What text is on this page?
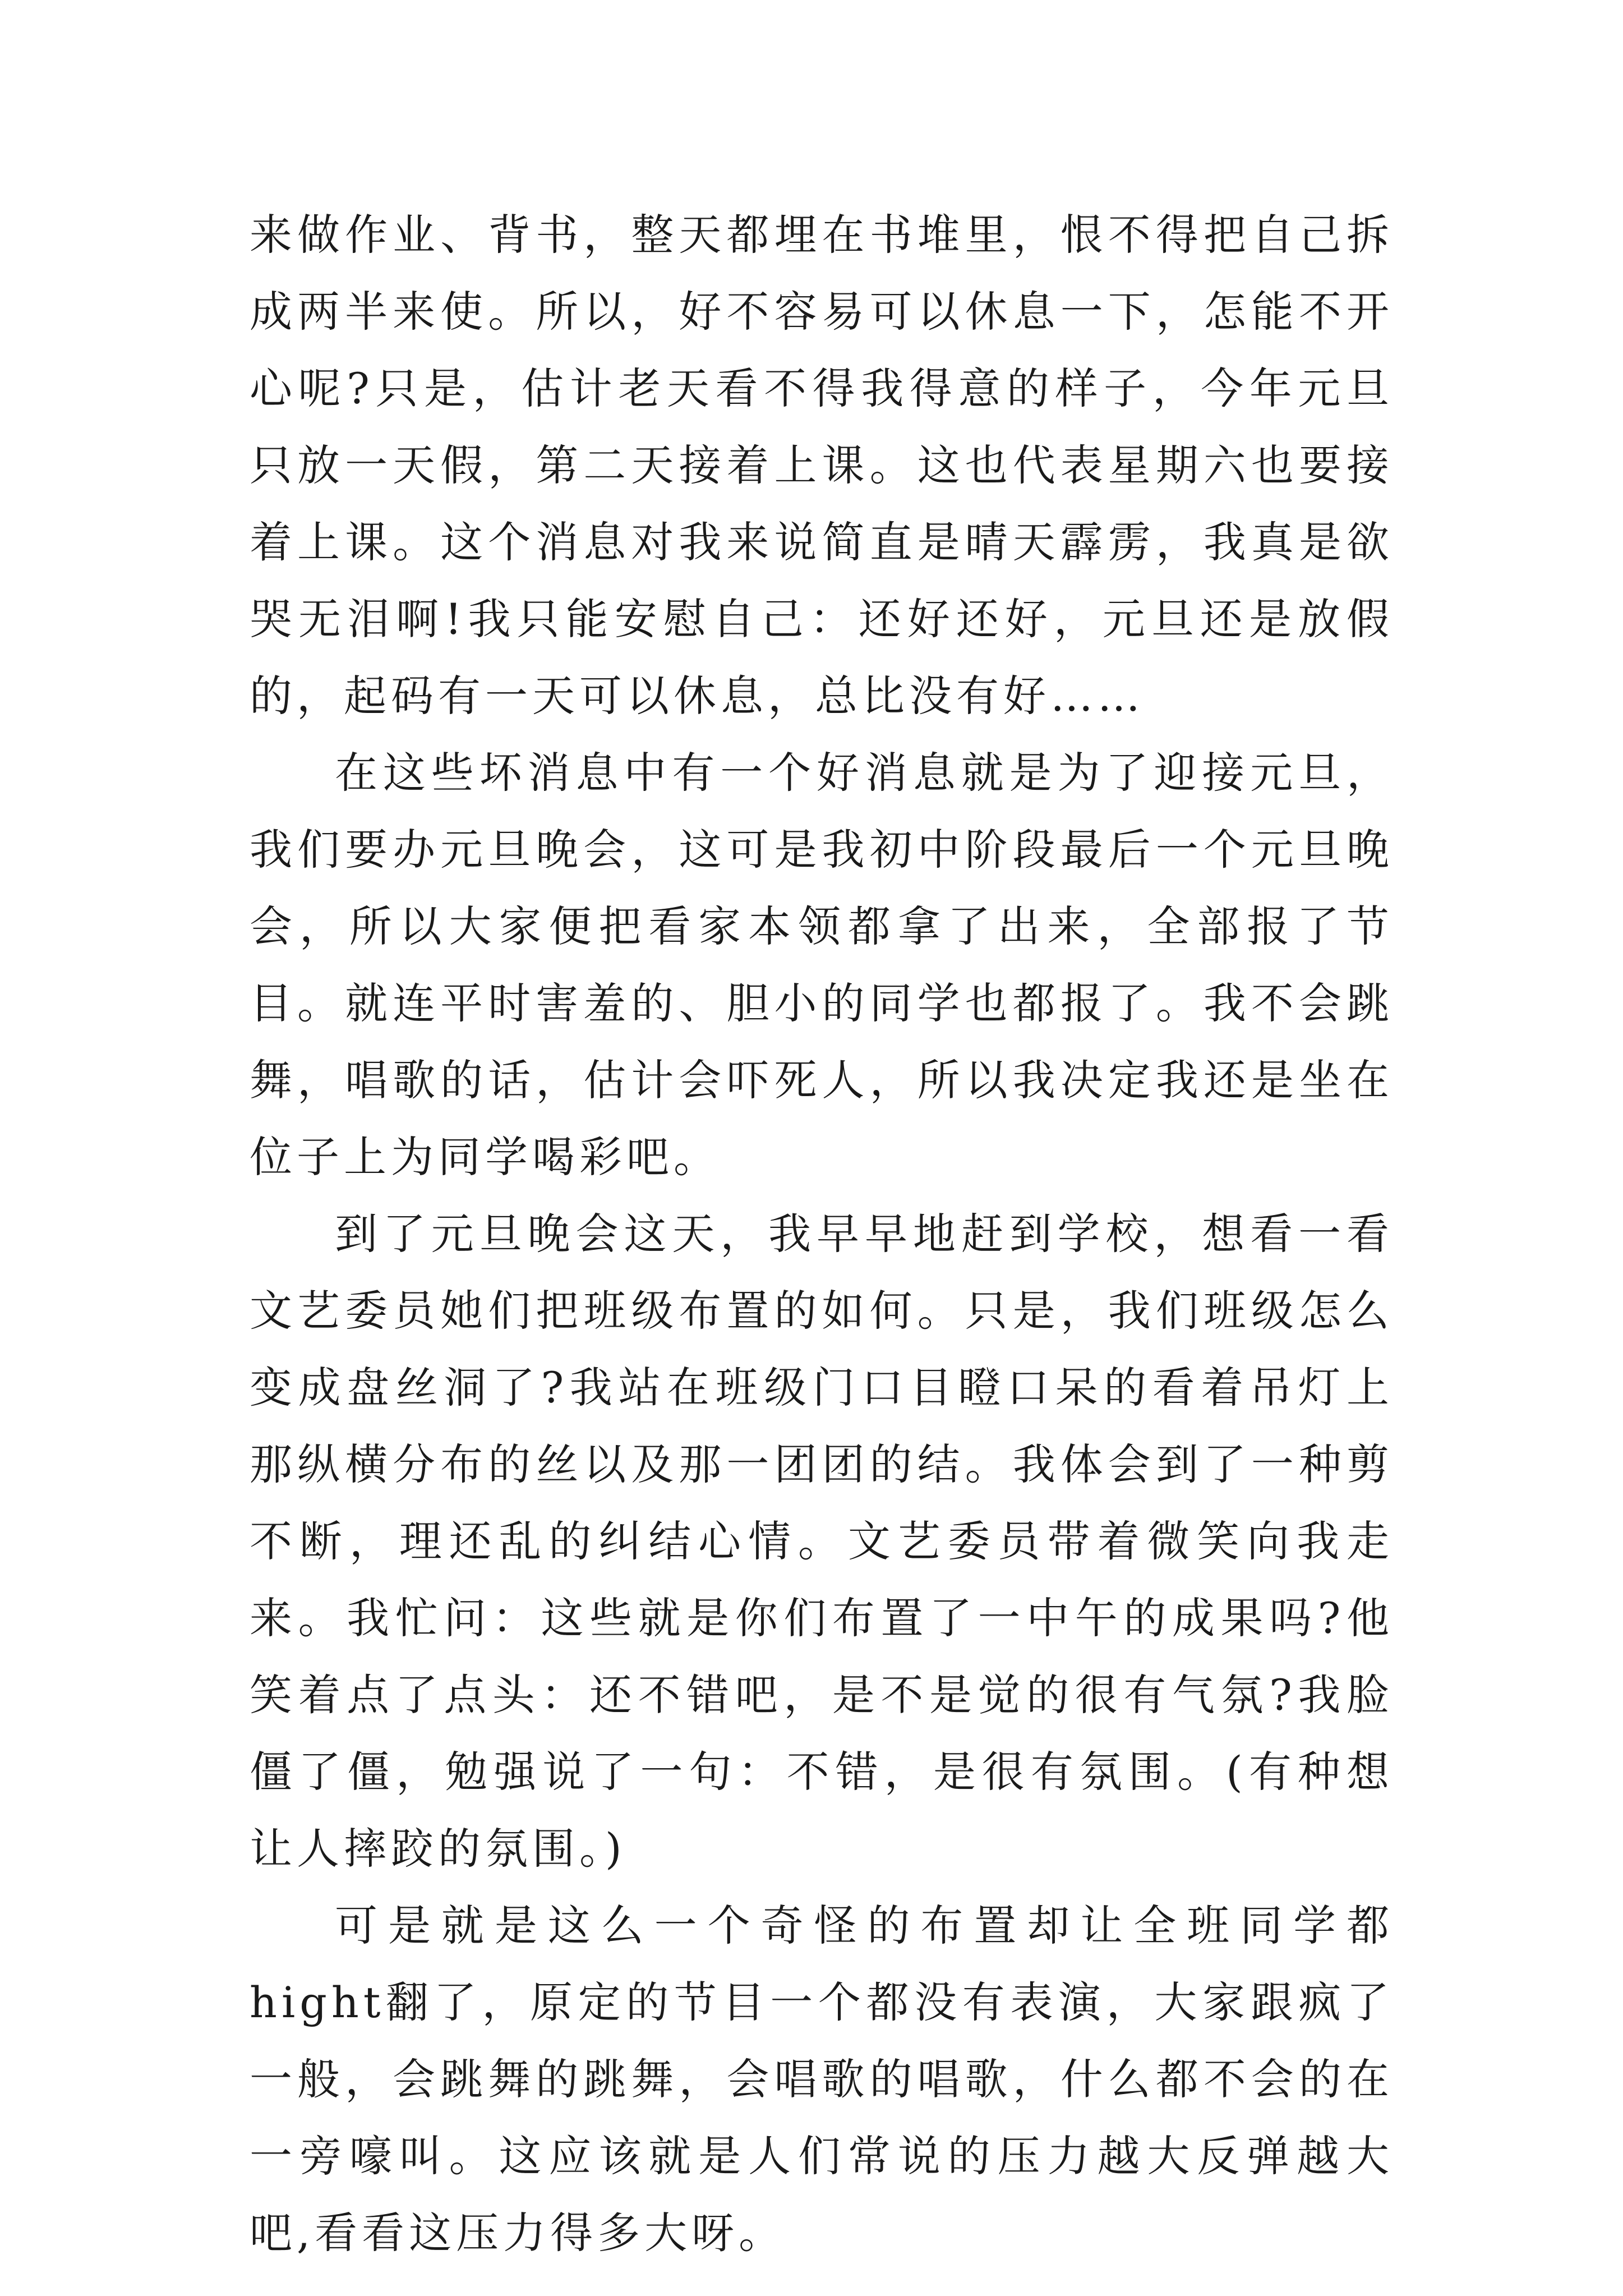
来做作业、背书，整天都埋在书堆里，恨不得把自己拆成两半来使。所以，好不容易可以休息一下，怎能不开心呢?只是，估计老天看不得我得意的样子，今年元旦只放一天假，第二天接着上课。这也代表星期六也要接着上课。这个消息对我来说简直是晴天霹雳，我真是欲哭无泪啊!我只能安慰自己：还好还好，元旦还是放假的，起码有一天可以休息，总比没有好……

在这些坏消息中有一个好消息就是为了迎接元旦，我们要办元旦晚会，这可是我初中阶段最后一个元旦晚会，所以大家便把看家本领都拿了出来，全部报了节目。就连平时害羞的、胆小的同学也都报了。我不会跳舞，唱歌的话，估计会吓死人，所以我决定我还是坐在位子上为同学喝彩吧。

到了元旦晚会这天，我早早地赶到学校，想看一看文艺委员她们把班级布置的如何。只是，我们班级怎么变成盘丝洞了?我站在班级门口目瞪口呆的看着吊灯上那纵横分布的丝以及那一团团的结。我体会到了一种剪不断，理还乱的纠结心情。文艺委员带着微笑向我走来。我忙问：这些就是你们布置了一中午的成果吗?他笑着点了点头：还不错吧，是不是觉的很有气氛?我脸僵了僵，勉强说了一句：不错，是很有氛围。(有种想让人摔跤的氛围。)

可是就是这么一个奇怪的布置却让全班同学都hight翻了，原定的节目一个都没有表演，大家跟疯了一般，会跳舞的跳舞，会唱歌的唱歌，什么都不会的在一旁嚎叫。这应该就是人们常说的压力越大反弹越大吧,看看这压力得多大呀。
